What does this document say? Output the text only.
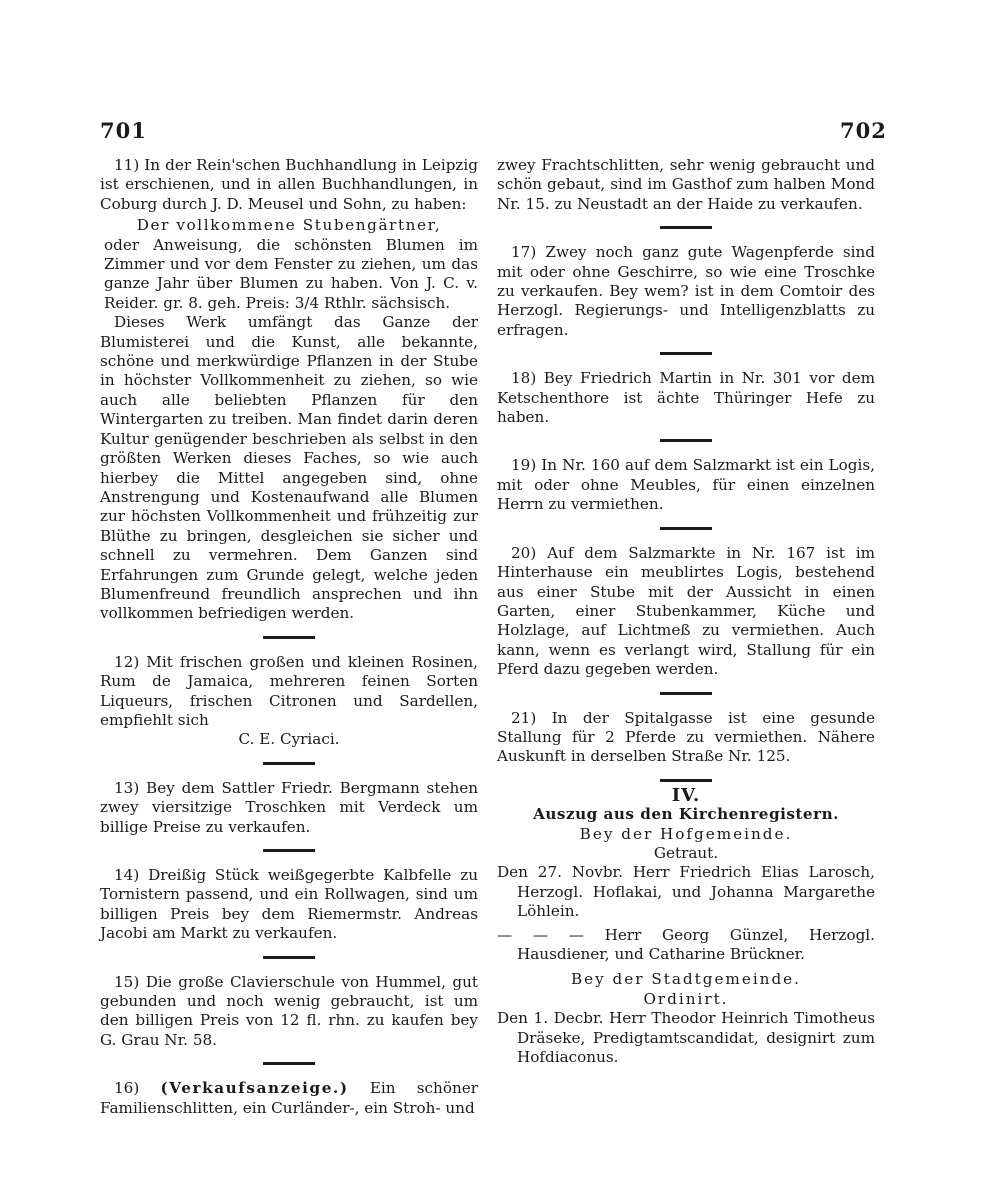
701	702

11) In der Rein'schen Buchhandlung in Leipzig ist erschienen, und in allen Buchhandlungen, in Coburg durch J. D. Meusel und Sohn, zu haben:

Der vollkommene Stubengärtner,

oder Anweisung, die schönsten Blumen im Zimmer und vor dem Fenster zu ziehen, um das ganze Jahr über Blumen zu haben. Von J. C. v. Reider. gr. 8. geh. Preis: 3/4 Rthlr. sächsisch.

Dieses Werk umfängt das Ganze der Blumisterei und die Kunst, alle bekannte, schöne und merkwürdige Pflanzen in der Stube in höchster Vollkommenheit zu ziehen, so wie auch alle beliebten Pflanzen für den Wintergarten zu treiben. Man findet darin deren Kultur genügender beschrieben als selbst in den größten Werken dieses Faches, so wie auch hierbey die Mittel angegeben sind, ohne Anstrengung und Kostenaufwand alle Blumen zur höchsten Vollkommenheit und frühzeitig zur Blüthe zu bringen, desgleichen sie sicher und schnell zu vermehren. Dem Ganzen sind Erfahrungen zum Grunde gelegt, welche jeden Blumenfreund freundlich ansprechen und ihn vollkommen befriedigen werden.

12) Mit frischen großen und kleinen Rosinen, Rum de Jamaica, mehreren feinen Sorten Liqueurs, frischen Citronen und Sardellen, empfiehlt sich

C. E. Cyriaci.

13) Bey dem Sattler Friedr. Bergmann stehen zwey viersitzige Troschken mit Verdeck um billige Preise zu verkaufen.

14) Dreißig Stück weißgegerbte Kalbfelle zu Tornistern passend, und ein Rollwagen, sind um billigen Preis bey dem Riemermstr. Andreas Jacobi am Markt zu verkaufen.

15) Die große Clavierschule von Hummel, gut gebunden und noch wenig gebraucht, ist um den billigen Preis von 12 fl. rhn. zu kaufen bey G. Grau Nr. 58.

16) (Verkaufsanzeige.) Ein schöner Familienschlitten, ein Curländer-, ein Stroh- und

zwey Frachtschlitten, sehr wenig gebraucht und schön gebaut, sind im Gasthof zum halben Mond Nr. 15. zu Neustadt an der Haide zu verkaufen.

17) Zwey noch ganz gute Wagenpferde sind mit oder ohne Geschirre, so wie eine Troschke zu verkaufen. Bey wem? ist in dem Comtoir des Herzogl. Regierungs- und Intelligenzblatts zu erfragen.

18) Bey Friedrich Martin in Nr. 301 vor dem Ketschenthore ist ächte Thüringer Hefe zu haben.

19) In Nr. 160 auf dem Salzmarkt ist ein Logis, mit oder ohne Meubles, für einen einzelnen Herrn zu vermiethen.

20) Auf dem Salzmarkte in Nr. 167 ist im Hinterhause ein meublirtes Logis, bestehend aus einer Stube mit der Aussicht in einen Garten, einer Stubenkammer, Küche und Holzlage, auf Lichtmeß zu vermiethen. Auch kann, wenn es verlangt wird, Stallung für ein Pferd dazu gegeben werden.

21) In der Spitalgasse ist eine gesunde Stallung für 2 Pferde zu vermiethen. Nähere Auskunft in derselben Straße Nr. 125.

IV.

Auszug aus den Kirchenregistern.

Bey der Hofgemeinde.

Getraut.

Den 27. Novbr. Herr Friedrich Elias Larosch, Herzogl. Hoflakai, und Johanna Margarethe Löhlein.

— — — Herr Georg Günzel, Herzogl. Hausdiener, und Catharine Brückner.

Bey der Stadtgemeinde.

Ordinirt.

Den 1. Decbr. Herr Theodor Heinrich Timotheus Dräseke, Predigtamtscandidat, designirt zum Hofdiaconus.
